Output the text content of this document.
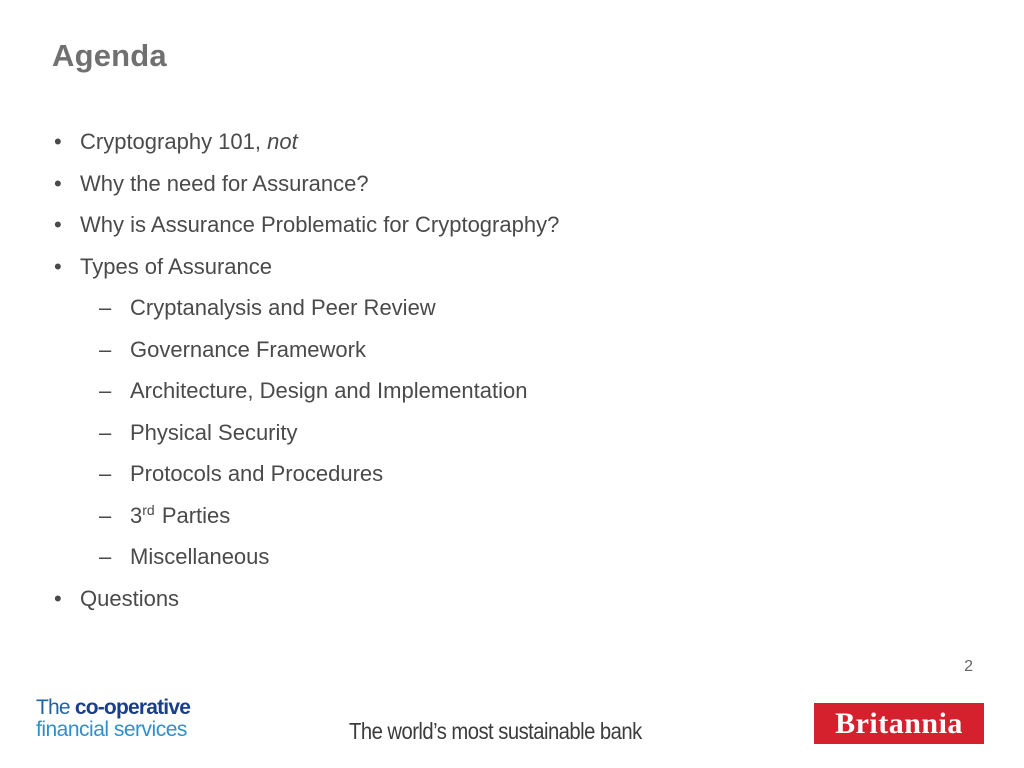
Agenda
• Cryptography 101, not
• Why the need for Assurance?
• Why is Assurance Problematic for Cryptography?
• Types of Assurance
– Cryptanalysis and Peer Review
– Governance Framework
– Architecture, Design and Implementation
– Physical Security
– Protocols and Procedures
– 3rd Parties
– Miscellaneous
• Questions
2
The co-operative
financial services	The world’s most sustainable bank	Britannia
